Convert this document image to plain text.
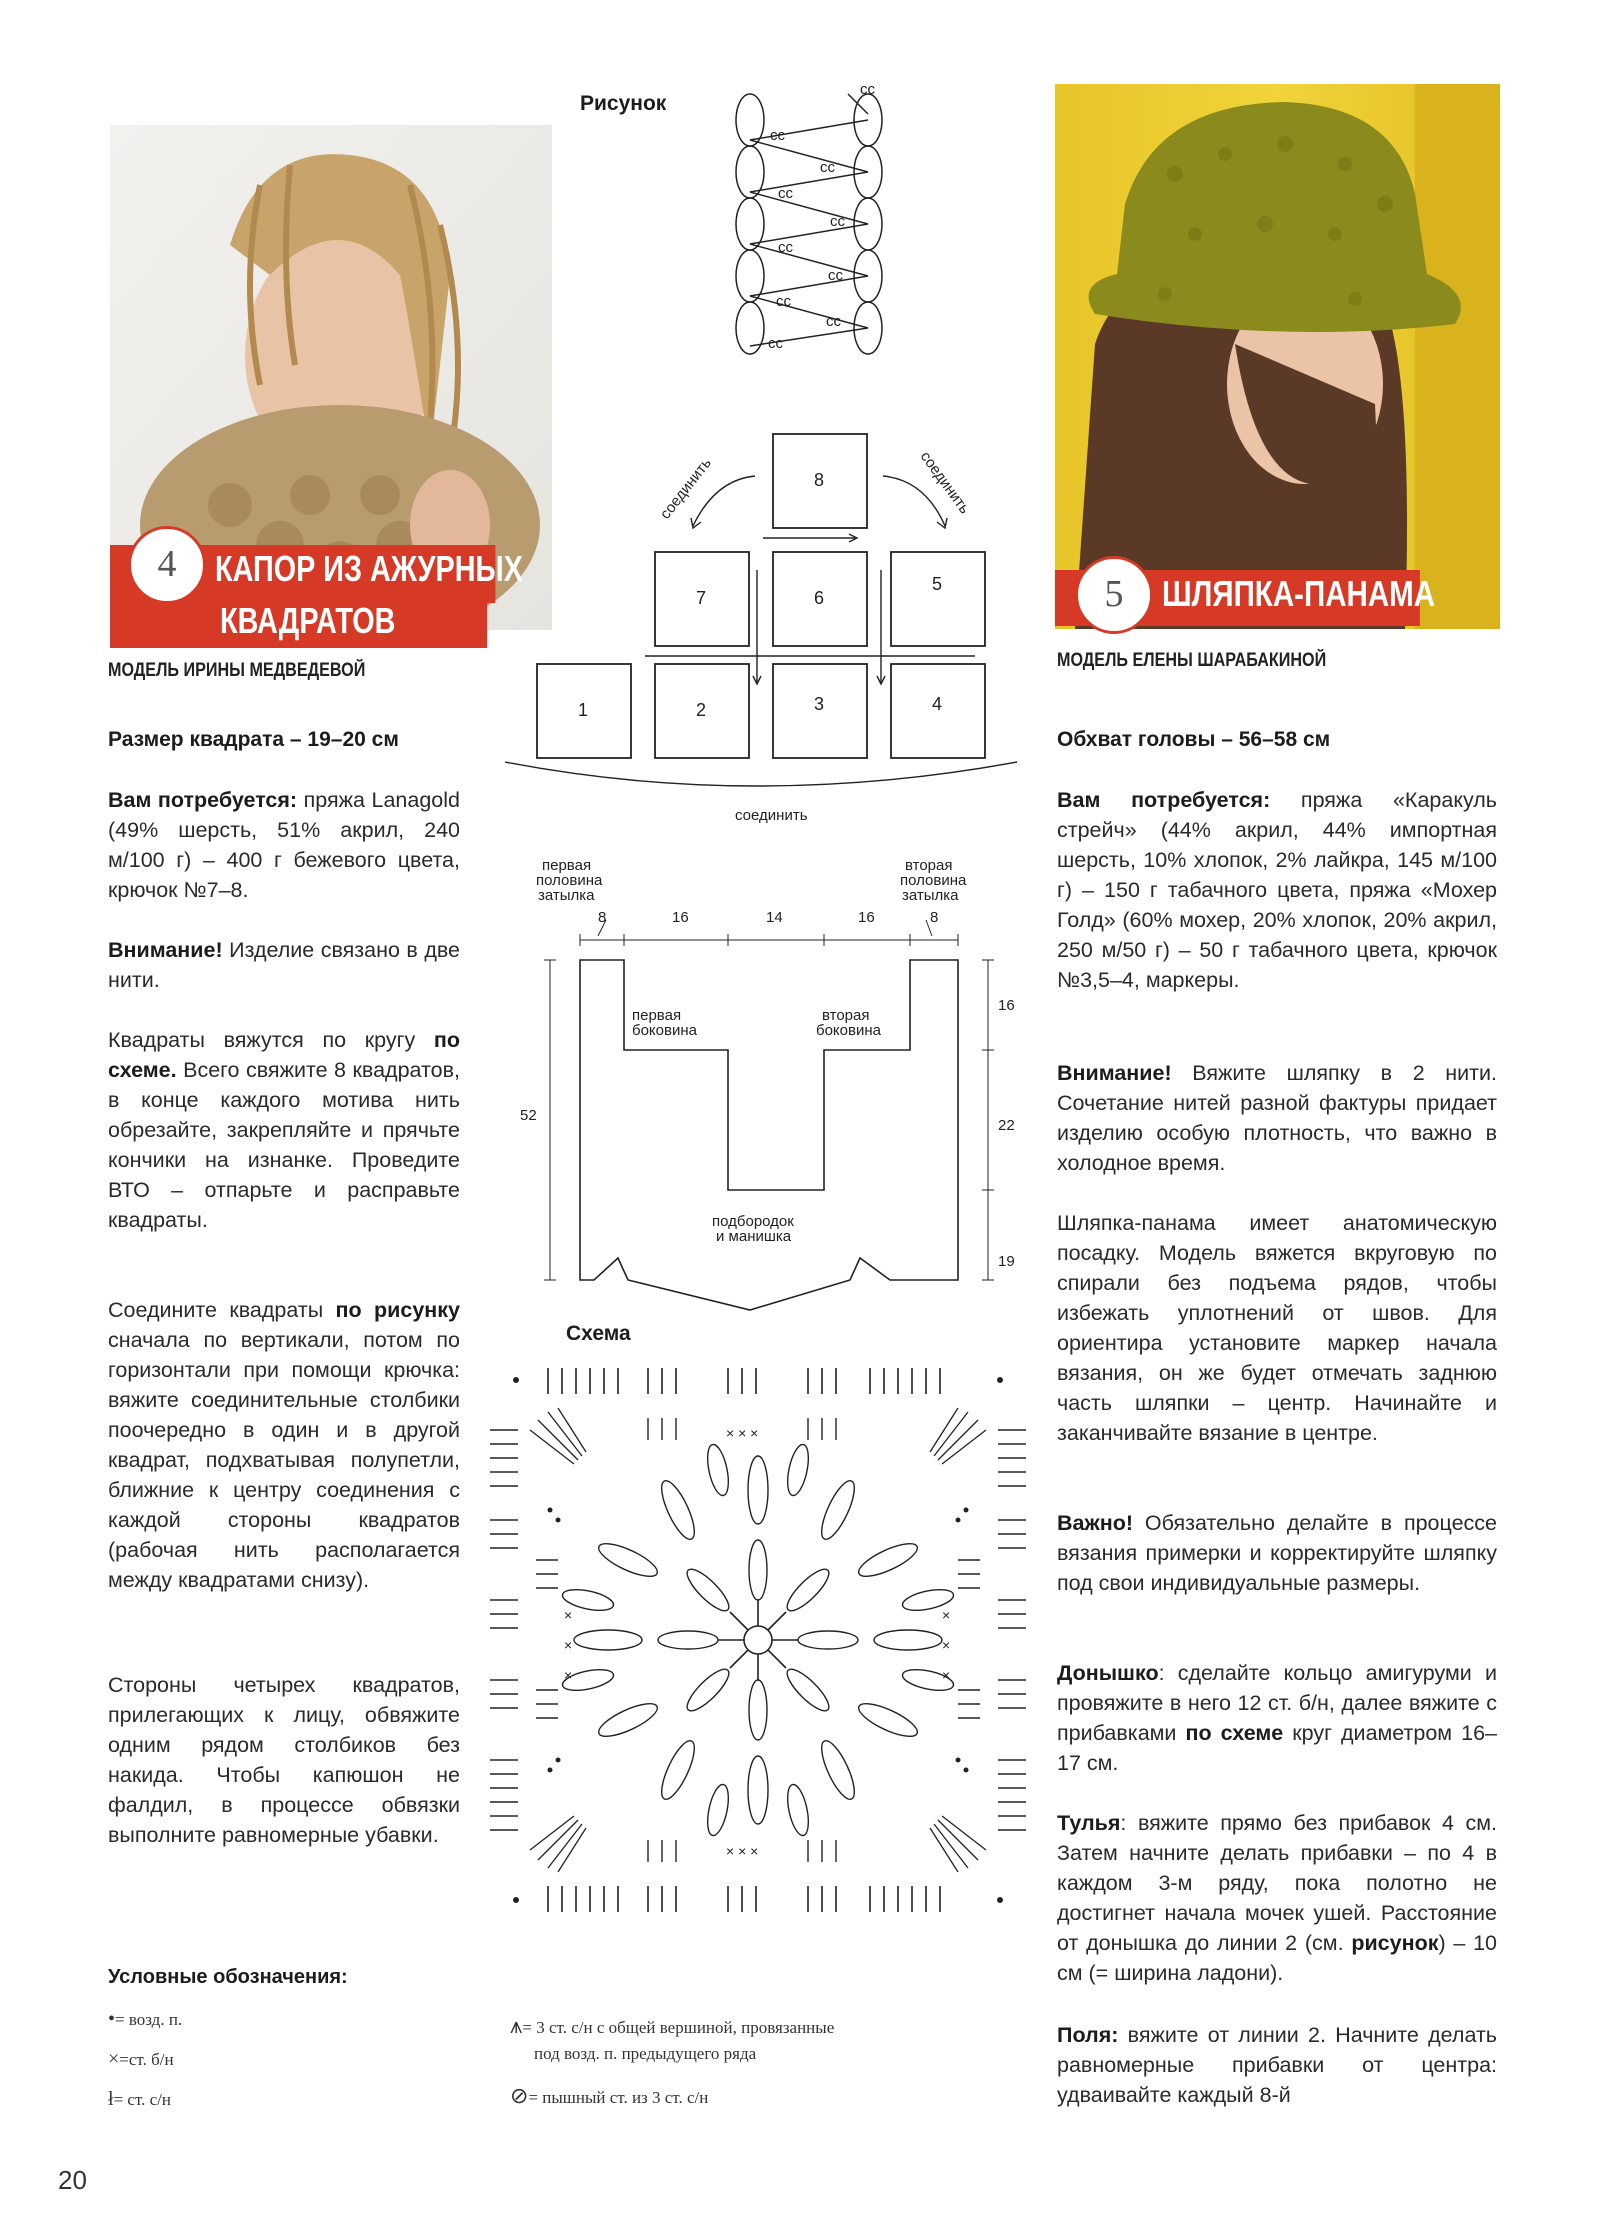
КАПОР ИЗ АЖУРНЫХ
КВАДРАТОВ
4
МОДЕЛЬ ИРИНЫ МЕДВЕДЕВОЙ
Размер квадрата – 19–20 см
Вам потребуется: пряжа Lanagold (49% шерсть, 51% акрил, 240 м/100 г) – 400 г бежевого цвета, крючок №7–8.
Внимание! Изделие связано в две нити.
Квадраты вяжутся по кругу по схеме. Всего свяжите 8 квадратов, в конце каждого мотива нить обрезайте, закрепляйте и прячьте кончики на изнанке. Проведите ВТО – отпарьте и расправьте квадраты.
Соедините квадраты по рисунку сначала по вертикали, потом по горизонтали при помощи крючка: вяжите соединительные столбики поочередно в один и в другой квадрат, подхватывая полупетли, ближние к центру соединения с каждой стороны квадратов (рабочая нить располагается между квадратами снизу).
Стороны четырех квадратов, прилегающих к лицу, обвяжите одним рядом столбиков без накида. Чтобы капюшон не фалдил, в процессе обвязки выполните равномерные убавки.
Условные обозначения:
•= возд. п.
×=ст. б/н
ł= ст. с/н
20
Рисунок
сс
сс
сс
сс
сс
сс
сс
сс
сс
сс
8
7	6
5
1	2	3	4
соединить	соединить
соединить
первая
половина
затылка
вторая
половина
затылка
8	16	14	16	8
52
16
22
19
первая
боковина
вторая
боковина
подбородок
и манишка
Схема
× × ×
× × ×
×
×
×
×
×
×
⩚= 3 ст. с/н с общей вершиной, провязанные
под возд. п. предыдущего ряда
⊘= пышный ст. из 3 ст. с/н
ШЛЯПКА-ПАНАМА
5
МОДЕЛЬ ЕЛЕНЫ ШАРАБАКИНОЙ
Обхват головы – 56–58 см
Вам потребуется: пряжа «Каракуль стрейч» (44% акрил, 44% импортная шерсть, 10% хлопок, 2% лайкра, 145 м/100 г) – 150 г табачного цвета, пряжа «Мохер Голд» (60% мохер, 20% хлопок, 20% акрил, 250 м/50 г) – 50 г табачного цвета, крючок №3,5–4, маркеры.
Внимание! Вяжите шляпку в 2 нити. Сочетание нитей разной фактуры придает изделию особую плотность, что важно в холодное время.
Шляпка-панама имеет анатомическую посадку. Модель вяжется вкруговую по спирали без подъема рядов, чтобы избежать уплотнений от швов. Для ориентира установите маркер начала вязания, он же будет отмечать заднюю часть шляпки – центр. Начинайте и заканчивайте вязание в центре.
Важно! Обязательно делайте в процессе вязания примерки и корректируйте шляпку под свои индивидуальные размеры.
Донышко: сделайте кольцо амигуруми и провяжите в него 12 ст. б/н, далее вяжите с прибавками по схеме круг диаметром 16–17 см.
Тулья: вяжите прямо без прибавок 4 см. Затем начните делать прибавки – по 4 в каждом 3-м ряду, пока полотно не достигнет начала мочек ушей. Расстояние от донышка до линии 2 (см. рисунок) – 10 см (= ширина ладони).
Поля: вяжите от линии 2. Начните делать равномерные прибавки от центра: удваивайте каждый 8-й
